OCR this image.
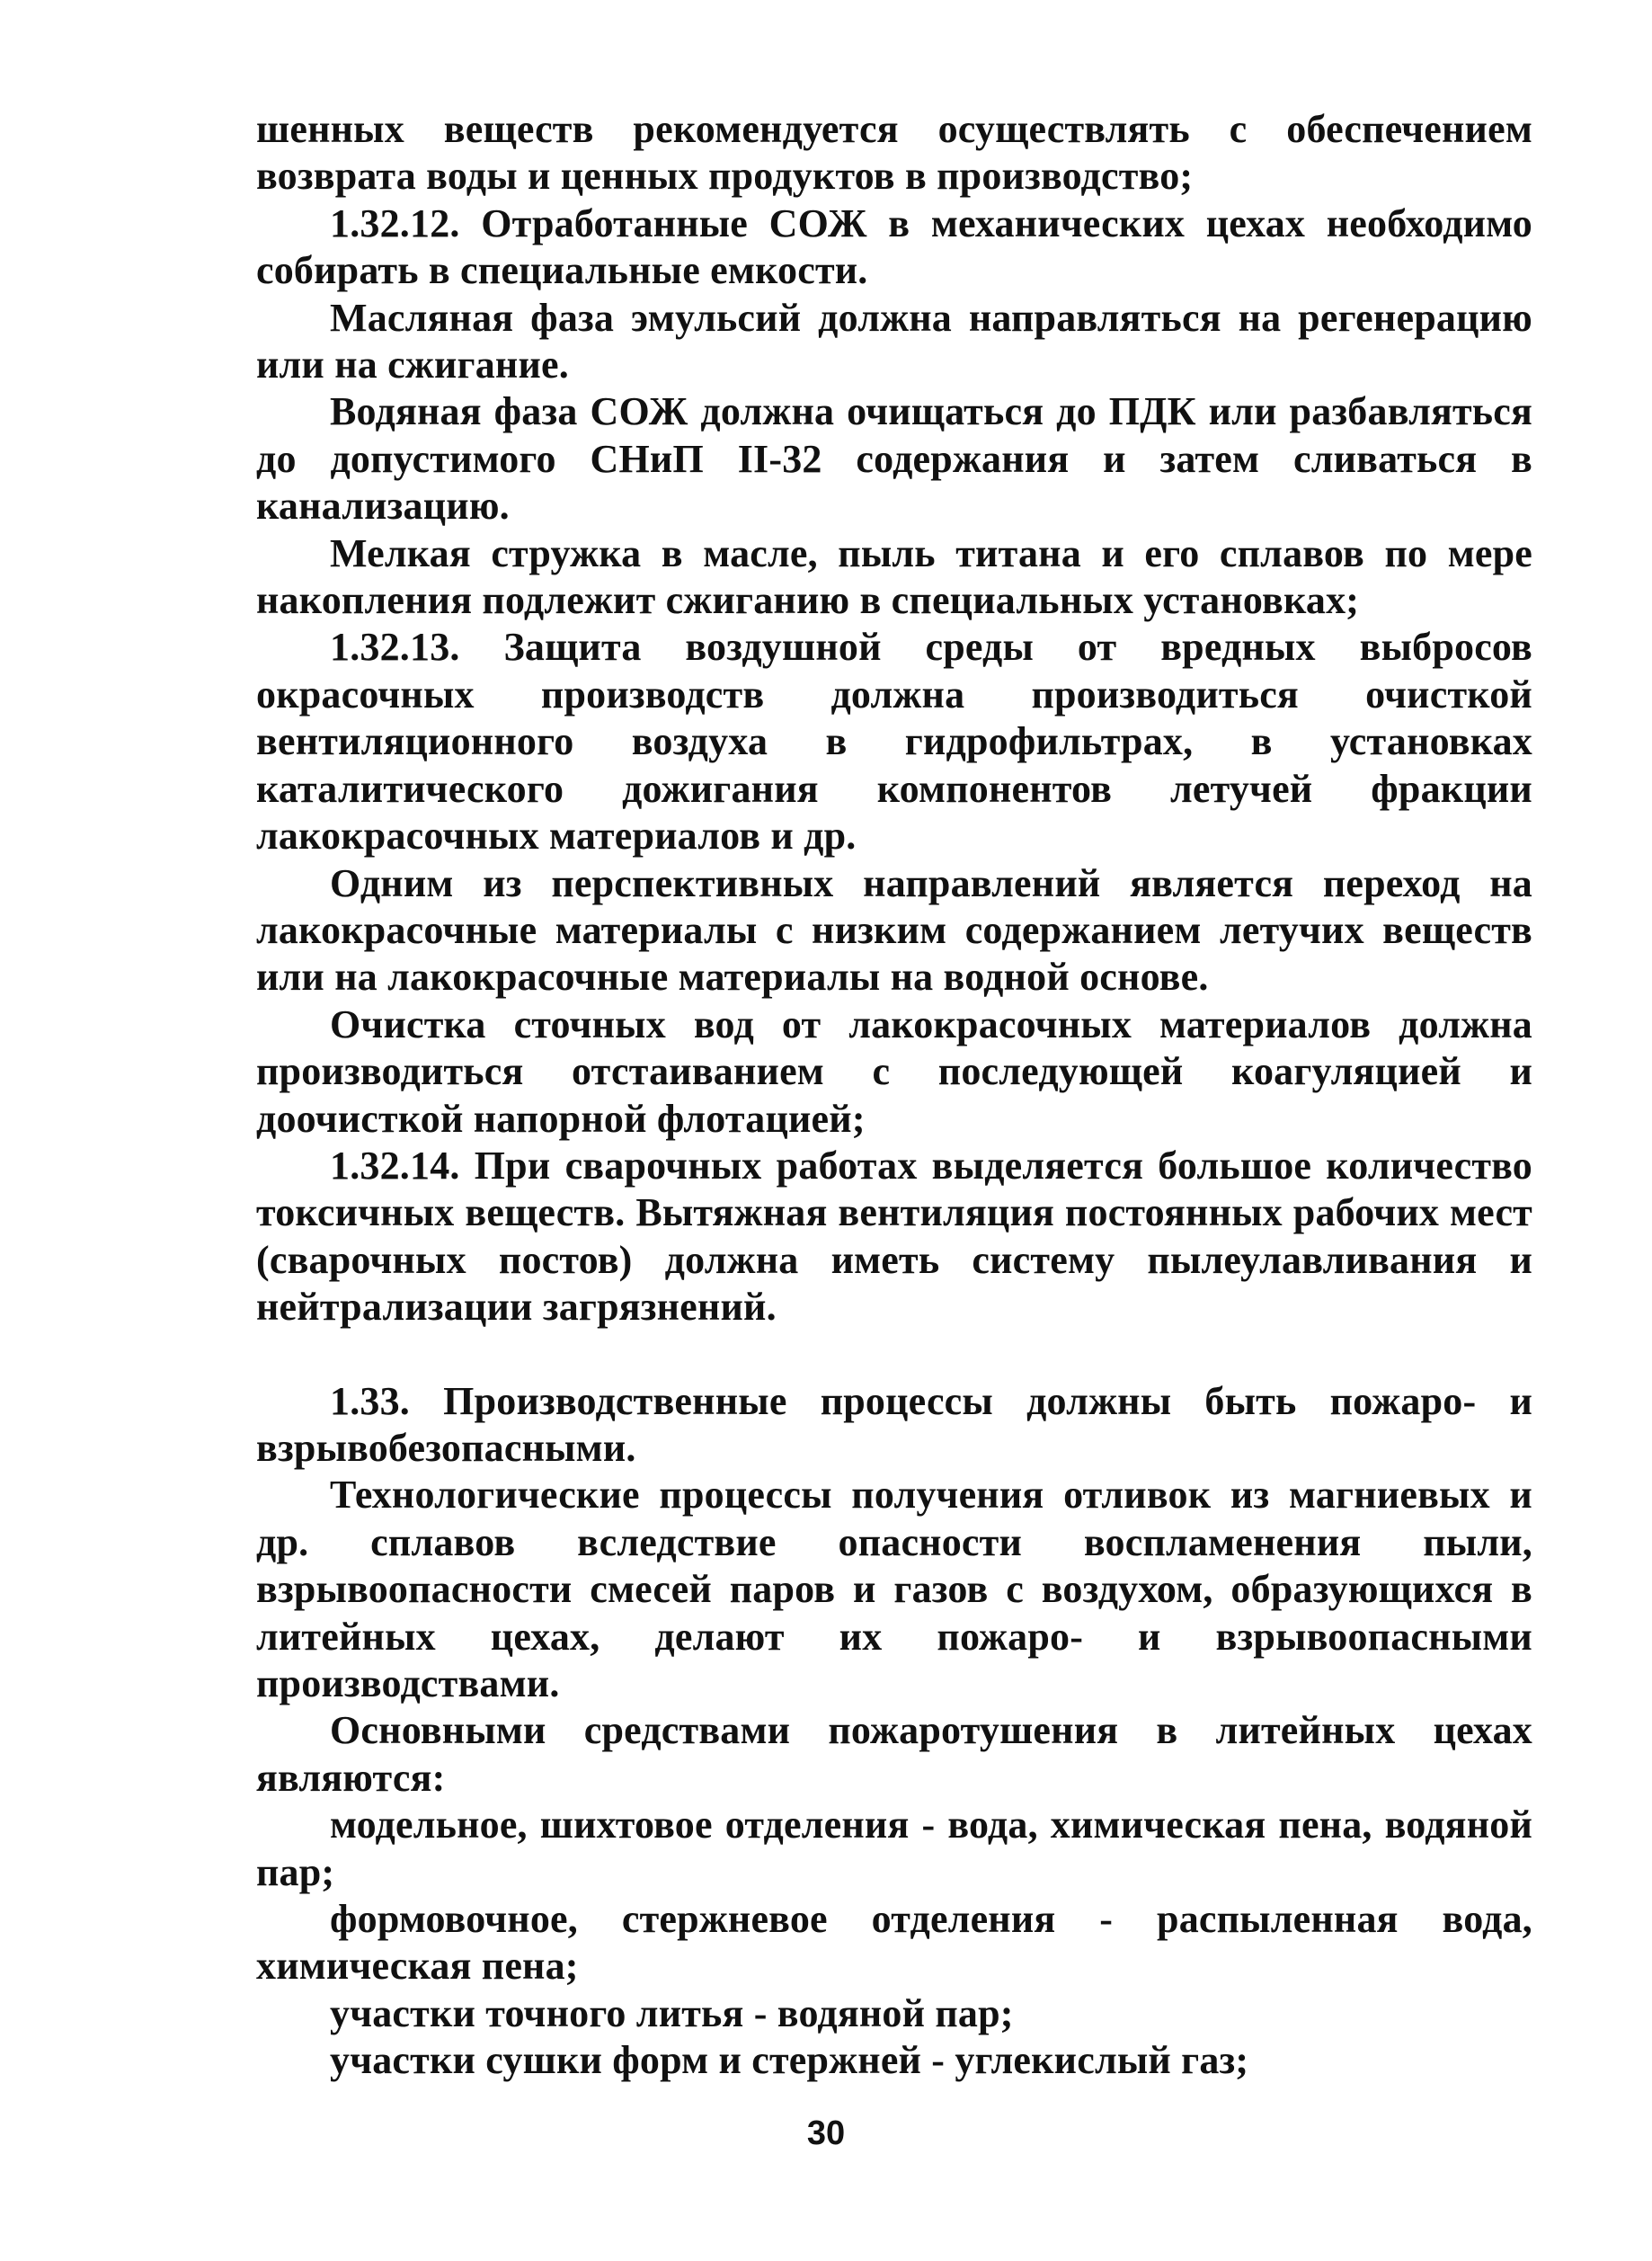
шенных веществ рекомендуется осуществлять с обеспечением возврата воды и ценных продуктов в производство;

1.32.12. Отработанные СОЖ в механических цехах необходимо собирать в специальные емкости.

Масляная фаза эмульсий должна направляться на регенерацию или на сжигание.

Водяная фаза СОЖ должна очищаться до ПДК или разбавляться до допустимого СНиП II-32 содержания и затем сливаться в канализацию.

Мелкая стружка в масле, пыль титана и его сплавов по мере накопления подлежит сжиганию в специальных установках;

1.32.13. Защита воздушной среды от вредных выбросов окрасочных производств должна производиться очисткой вентиляционного воздуха в гидрофильтрах, в установках каталитического дожигания компонентов летучей фракции лакокрасочных материалов и др.

Одним из перспективных направлений является переход на лакокрасочные материалы с низким содержанием летучих веществ или на лакокрасочные материалы на водной основе.

Очистка сточных вод от лакокрасочных материалов должна производиться отстаиванием с последующей коагуляцией и доочисткой напорной флотацией;

1.32.14. При сварочных работах выделяется большое количество токсичных веществ. Вытяжная вентиляция постоянных рабочих мест (сварочных постов) должна иметь систему пылеулавливания и нейтрализации загрязнений.

1.33. Производственные процессы должны быть пожаро- и взрывобезопасными.

Технологические процессы получения отливок из магниевых и др. сплавов вследствие опасности воспламенения пыли, взрывоопасности смесей паров и газов с воздухом, образующихся в литейных цехах, делают их пожаро- и взрывоопасными производствами.

Основными средствами пожаротушения в литейных цехах являются:

модельное, шихтовое отделения - вода, химическая пена, водяной пар;

формовочное, стержневое отделения - распыленная вода, химическая пена;

участки точного литья - водяной пар;

участки сушки форм и стержней - углекислый газ;

30
